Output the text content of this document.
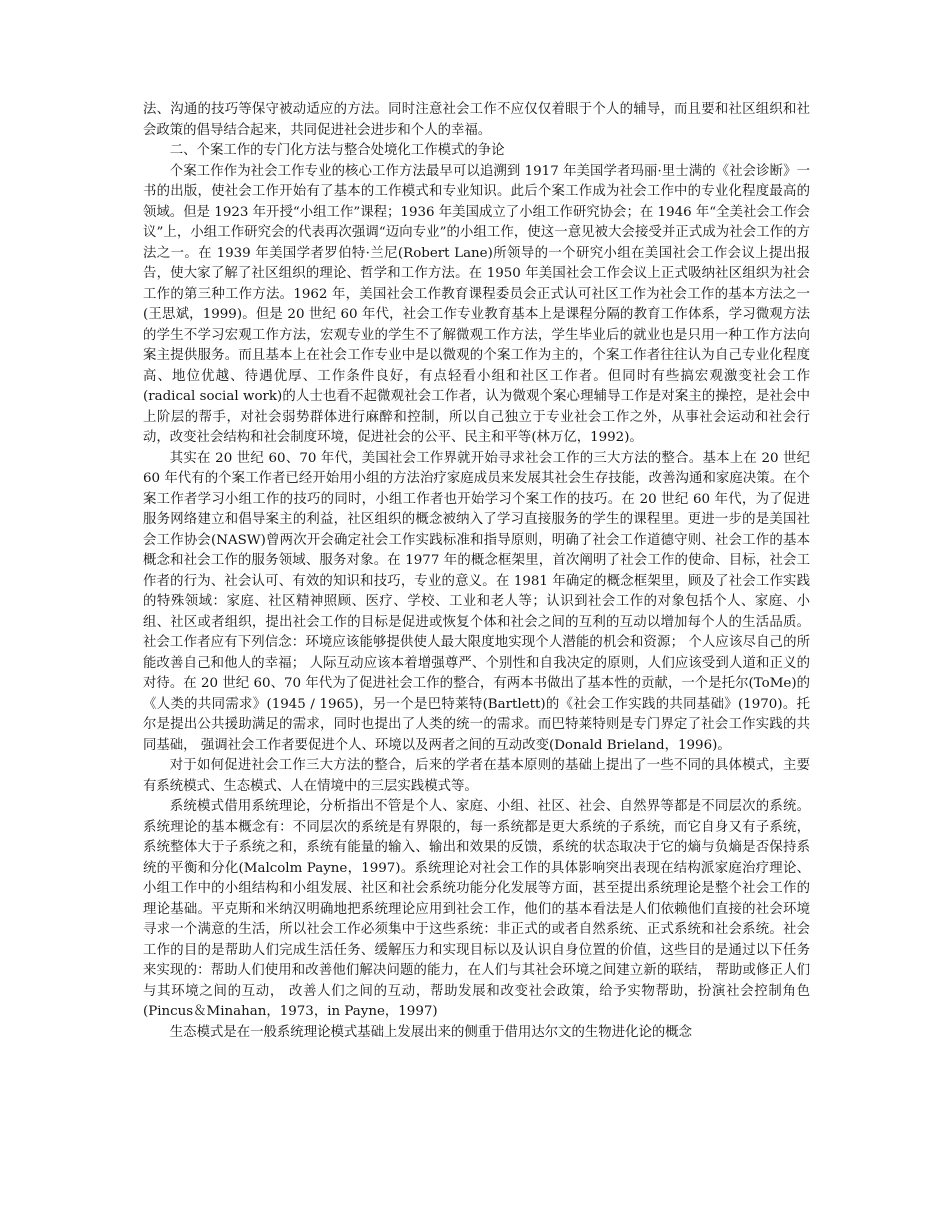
法、沟通的技巧等保守被动适应的方法。同时注意社会工作不应仅仅着眼于个人的辅导，而且要和社区组织和社会政策的倡导结合起来，共同促进社会进步和个人的幸福。

二、个案工作的专门化方法与整合处境化工作模式的争论

个案工作作为社会工作专业的核心工作方法最早可以追溯到 1917 年美国学者玛丽·里士满的《社会诊断》一书的出版，使社会工作开始有了基本的工作模式和专业知识。此后个案工作成为社会工作中的专业化程度最高的领域。但是 1923 年开授“小组工作”课程；1936 年美国成立了小组工作研究协会；在 1946 年“全美社会工作会议”上，小组工作研究会的代表再次强调“迈向专业”的小组工作，使这一意见被大会接受并正式成为社会工作的方法之一。在 1939 年美国学者罗伯特·兰尼(Robert Lane)所领导的一个研究小组在美国社会工作会议上提出报告，使大家了解了社区组织的理论、哲学和工作方法。在 1950 年美国社会工作会议上正式吸纳社区组织为社会工作的第三种工作方法。1962 年，美国社会工作教育课程委员会正式认可社区工作为社会工作的基本方法之一(王思斌，1999)。但是 20 世纪 60 年代，社会工作专业教育基本上是课程分隔的教育工作体系，学习微观方法的学生不学习宏观工作方法，宏观专业的学生不了解微观工作方法，学生毕业后的就业也是只用一种工作方法向案主提供服务。而且基本上在社会工作专业中是以微观的个案工作为主的，个案工作者往往认为自己专业化程度高、地位优越、待遇优厚、工作条件良好，有点轻看小组和社区工作者。但同时有些搞宏观激变社会工作(radical social work)的人士也看不起微观社会工作者，认为微观个案心理辅导工作是对案主的操控，是社会中上阶层的帮手，对社会弱势群体进行麻醉和控制，所以自己独立于专业社会工作之外，从事社会运动和社会行动，改变社会结构和社会制度环境，促进社会的公平、民主和平等(林万亿，1992)。

其实在 20 世纪 60、70 年代，美国社会工作界就开始寻求社会工作的三大方法的整合。基本上在 20 世纪 60 年代有的个案工作者已经开始用小组的方法治疗家庭成员来发展其社会生存技能，改善沟通和家庭决策。在个案工作者学习小组工作的技巧的同时，小组工作者也开始学习个案工作的技巧。在 20 世纪 60 年代，为了促进服务网络建立和倡导案主的利益，社区组织的概念被纳入了学习直接服务的学生的课程里。更进一步的是美国社会工作协会(NASW)曾两次开会确定社会工作实践标准和指导原则，明确了社会工作道德守则、社会工作的基本概念和社会工作的服务领域、服务对象。在 1977 年的概念框架里，首次阐明了社会工作的使命、目标，社会工作者的行为、社会认可、有效的知识和技巧，专业的意义。在 1981 年确定的概念框架里，顾及了社会工作实践的特殊领域：家庭、社区精神照顾、医疗、学校、工业和老人等；认识到社会工作的对象包括个人、家庭、小组、社区或者组织，提出社会工作的目标是促进或恢复个体和社会之间的互利的互动以增加每个人的生活品质。社会工作者应有下列信念：环境应该能够提供使人最大限度地实现个人潜能的机会和资源； 个人应该尽自己的所能改善自己和他人的幸福； 人际互动应该本着增强尊严、个别性和自我决定的原则，人们应该受到人道和正义的对待。在 20 世纪 60、70 年代为了促进社会工作的整合，有两本书做出了基本性的贡献，一个是托尔(ToMe)的《人类的共同需求》(1945 / 1965)，另一个是巴特莱特(Bartlett)的《社会工作实践的共同基础》(1970)。托尔是提出公共援助满足的需求，同时也提出了人类的统一的需求。而巴特莱特则是专门界定了社会工作实践的共同基础， 强调社会工作者要促进个人、环境以及两者之间的互动改变(Donald Brieland，1996)。

对于如何促进社会工作三大方法的整合，后来的学者在基本原则的基础上提出了一些不同的具体模式，主要有系统模式、生态模式、人在情境中的三层实践模式等。

系统模式借用系统理论，分析指出不管是个人、家庭、小组、社区、社会、自然界等都是不同层次的系统。系统理论的基本概念有：不同层次的系统是有界限的，每一系统都是更大系统的子系统，而它自身又有子系统，系统整体大于子系统之和，系统有能量的输入、输出和效果的反馈，系统的状态取决于它的熵与负熵是否保持系统的平衡和分化(Malcolm Payne，1997)。系统理论对社会工作的具体影响突出表现在结构派家庭治疗理论、小组工作中的小组结构和小组发展、社区和社会系统功能分化发展等方面，甚至提出系统理论是整个社会工作的理论基础。平克斯和米纳汉明确地把系统理论应用到社会工作，他们的基本看法是人们依赖他们直接的社会环境寻求一个满意的生活，所以社会工作必须集中于这些系统：非正式的或者自然系统、正式系统和社会系统。社会工作的目的是帮助人们完成生活任务、缓解压力和实现目标以及认识自身位置的价值，这些目的是通过以下任务来实现的：帮助人们使用和改善他们解决问题的能力，在人们与其社会环境之间建立新的联结， 帮助或修正人们与其环境之间的互动， 改善人们之间的互动，帮助发展和改变社会政策，给予实物帮助，扮演社会控制角色(Pincus＆Minahan，1973，in Payne，1997)

生态模式是在一般系统理论模式基础上发展出来的侧重于借用达尔文的生物进化论的概念
